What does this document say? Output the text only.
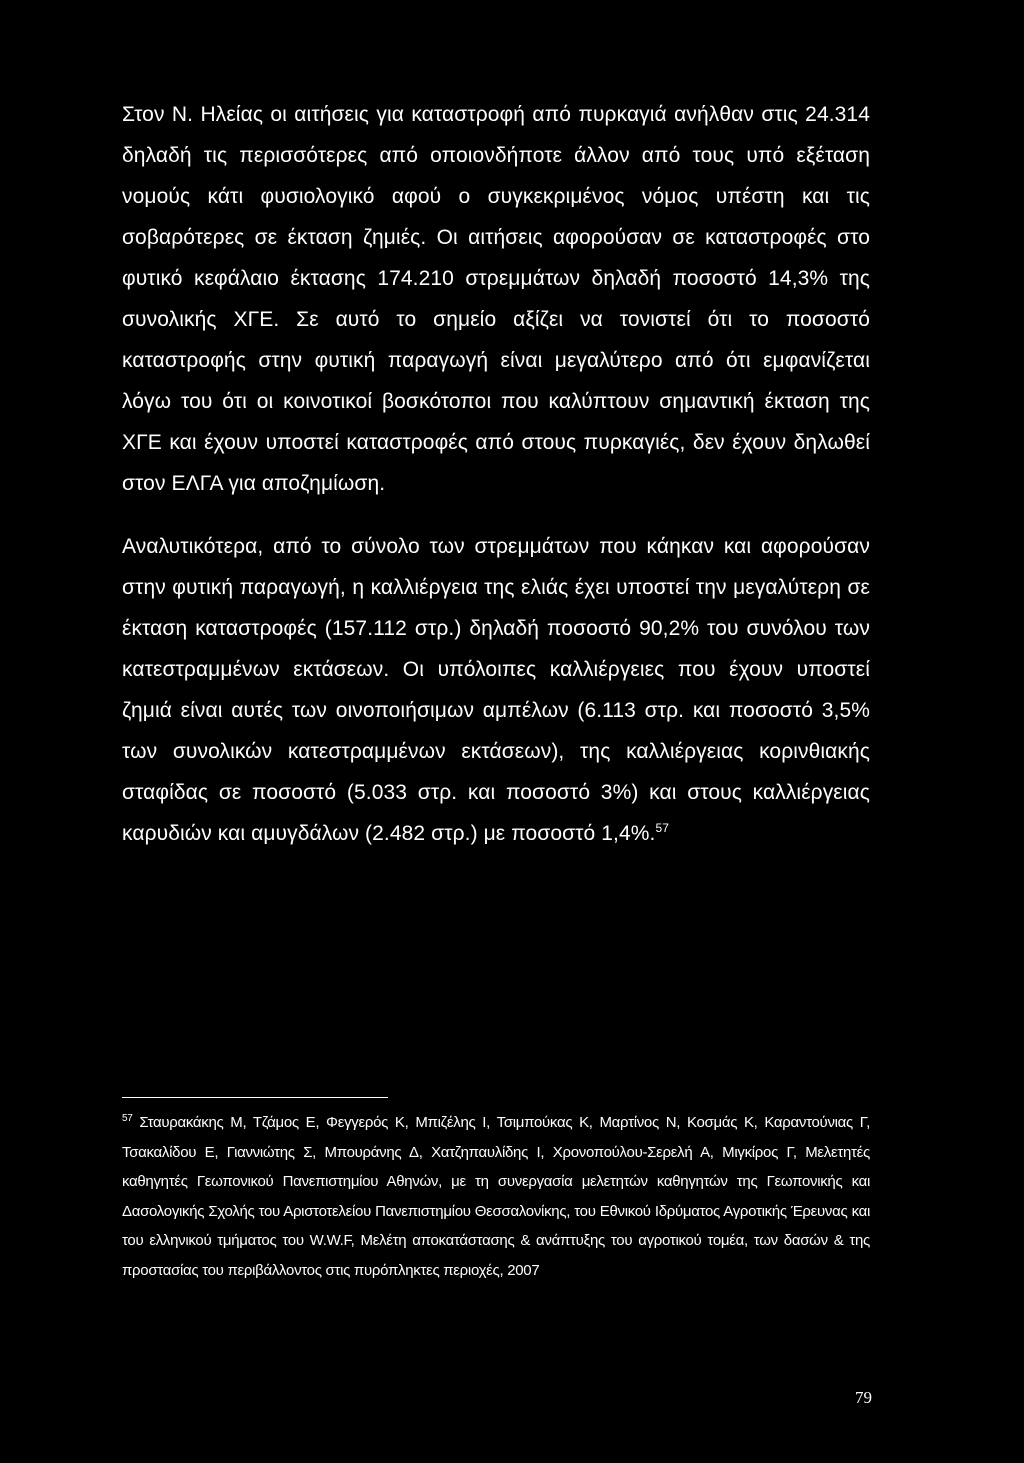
Στον Ν. Ηλείας οι αιτήσεις για καταστροφή από πυρκαγιά ανήλθαν στις 24.314 δηλαδή τις περισσότερες από οποιονδήποτε άλλον από τους υπό εξέταση νομούς κάτι φυσιολογικό αφού ο συγκεκριμένος νόμος υπέστη και τις σοβαρότερες σε έκταση ζημιές. Οι αιτήσεις αφορούσαν σε καταστροφές στο φυτικό κεφάλαιο έκτασης 174.210 στρεμμάτων δηλαδή ποσοστό 14,3% της συνολικής ΧΓΕ. Σε αυτό το σημείο αξίζει να τονιστεί ότι το ποσοστό καταστροφής στην φυτική παραγωγή είναι μεγαλύτερο από ότι εμφανίζεται λόγω του ότι οι κοινοτικοί βοσκότοποι που καλύπτουν σημαντική έκταση της ΧΓΕ και έχουν υποστεί καταστροφές από στους πυρκαγιές, δεν έχουν δηλωθεί στον ΕΛΓΑ για αποζημίωση.

Αναλυτικότερα, από το σύνολο των στρεμμάτων που κάηκαν και αφορούσαν στην φυτική παραγωγή, η καλλιέργεια της ελιάς έχει υποστεί την μεγαλύτερη σε έκταση καταστροφές (157.112 στρ.) δηλαδή ποσοστό 90,2% του συνόλου των κατεστραμμένων εκτάσεων. Οι υπόλοιπες καλλιέργειες που έχουν υποστεί ζημιά είναι αυτές των οινοποιήσιμων αμπέλων (6.113 στρ. και ποσοστό 3,5% των συνολικών κατεστραμμένων εκτάσεων), της καλλιέργειας κορινθιακής σταφίδας σε ποσοστό (5.033 στρ. και ποσοστό 3%) και στους καλλιέργειας καρυδιών και αμυγδάλων (2.482 στρ.) με ποσοστό 1,4%.$^{57}$

$^{57}$ Σταυρακάκης Μ, Τζάμος Ε, Φεγγερός Κ, Μπιζέλης Ι, Τσιμπούκας Κ, Μαρτίνος Ν, Κοσμάς Κ, Καραντούνιας Γ, Τσακαλίδου Ε, Γιαννιώτης Σ, Μπουράνης Δ, Χατζηπαυλίδης Ι, Χρονοπούλου-Σερελή Α, Μιγκίρος Γ, Μελετητές καθηγητές Γεωπονικού Πανεπιστημίου Αθηνών, με τη συνεργασία μελετητών καθηγητών της Γεωπονικής και Δασολογικής Σχολής του Αριστοτελείου Πανεπιστημίου Θεσσαλονίκης, του Εθνικού Ιδρύματος Αγροτικής Έρευνας και του ελληνικού τμήματος του W.W.F, Μελέτη αποκατάστασης & ανάπτυξης του αγροτικού τομέα, των δασών & της προστασίας του περιβάλλοντος στις πυρόπληκτες περιοχές, 2007

79
